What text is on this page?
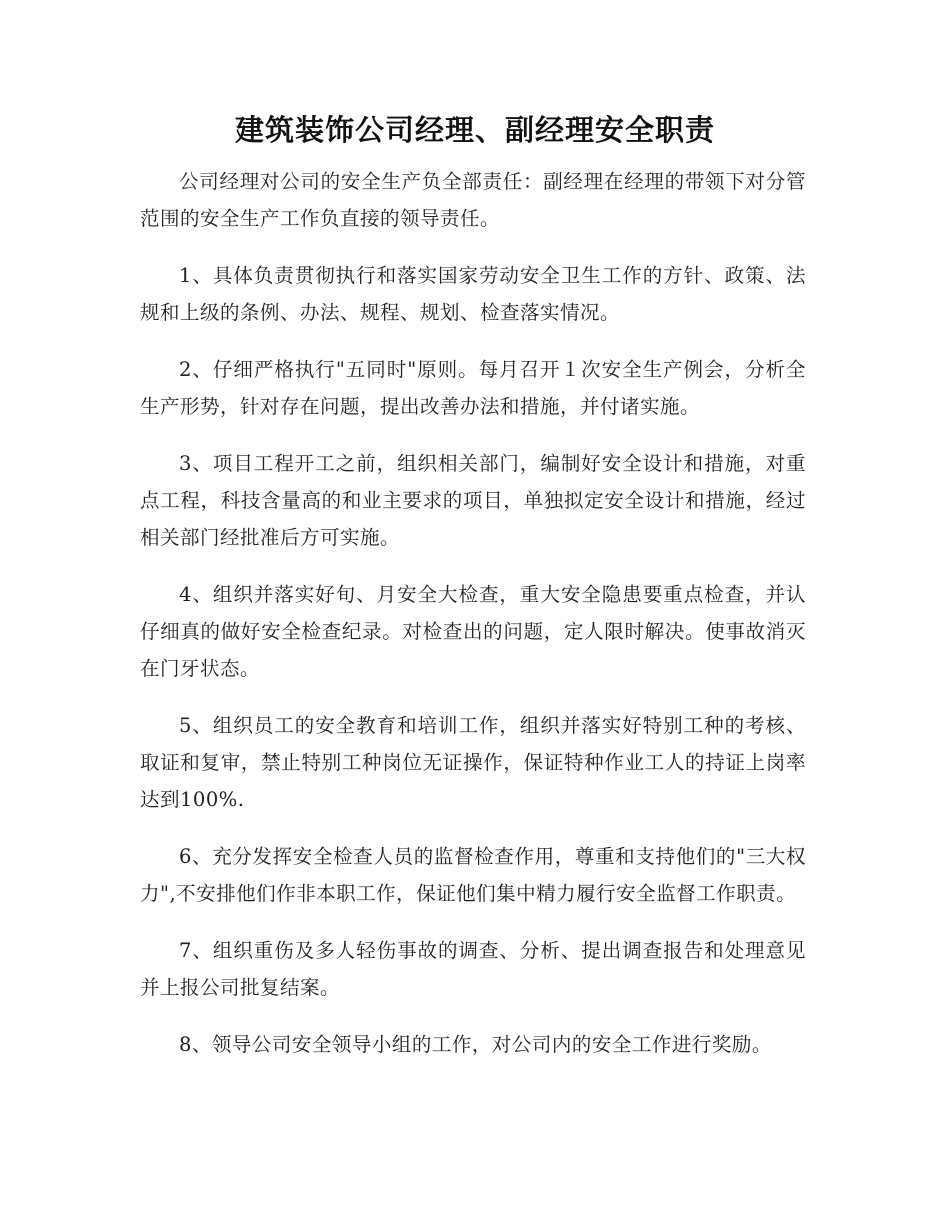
建筑装饰公司经理、副经理安全职责

公司经理对公司的安全生产负全部责任：副经理在经理的带领下对分管范围的安全生产工作负直接的领导责任。

1、具体负责贯彻执行和落实国家劳动安全卫生工作的方针、政策、法规和上级的条例、办法、规程、规划、检查落实情况。

2、仔细严格执行"五同时"原则。每月召开１次安全生产例会，分析全生产形势，针对存在问题，提出改善办法和措施，并付诸实施。

3、项目工程开工之前，组织相关部门，编制好安全设计和措施，对重点工程，科技含量高的和业主要求的项目，单独拟定安全设计和措施，经过相关部门经批准后方可实施。

4、组织并落实好旬、月安全大检查，重大安全隐患要重点检查，并认仔细真的做好安全检查纪录。对检查出的问题，定人限时解决。使事故消灭在门牙状态。

5、组织员工的安全教育和培训工作，组织并落实好特别工种的考核、取证和复审，禁止特别工种岗位无证操作，保证特种作业工人的持证上岗率达到100%.

6、充分发挥安全检查人员的监督检查作用，尊重和支持他们的"三大权力",不安排他们作非本职工作，保证他们集中精力履行安全监督工作职责。

7、组织重伤及多人轻伤事故的调查、分析、提出调查报告和处理意见并上报公司批复结案。

8、领导公司安全领导小组的工作，对公司内的安全工作进行奖励。
